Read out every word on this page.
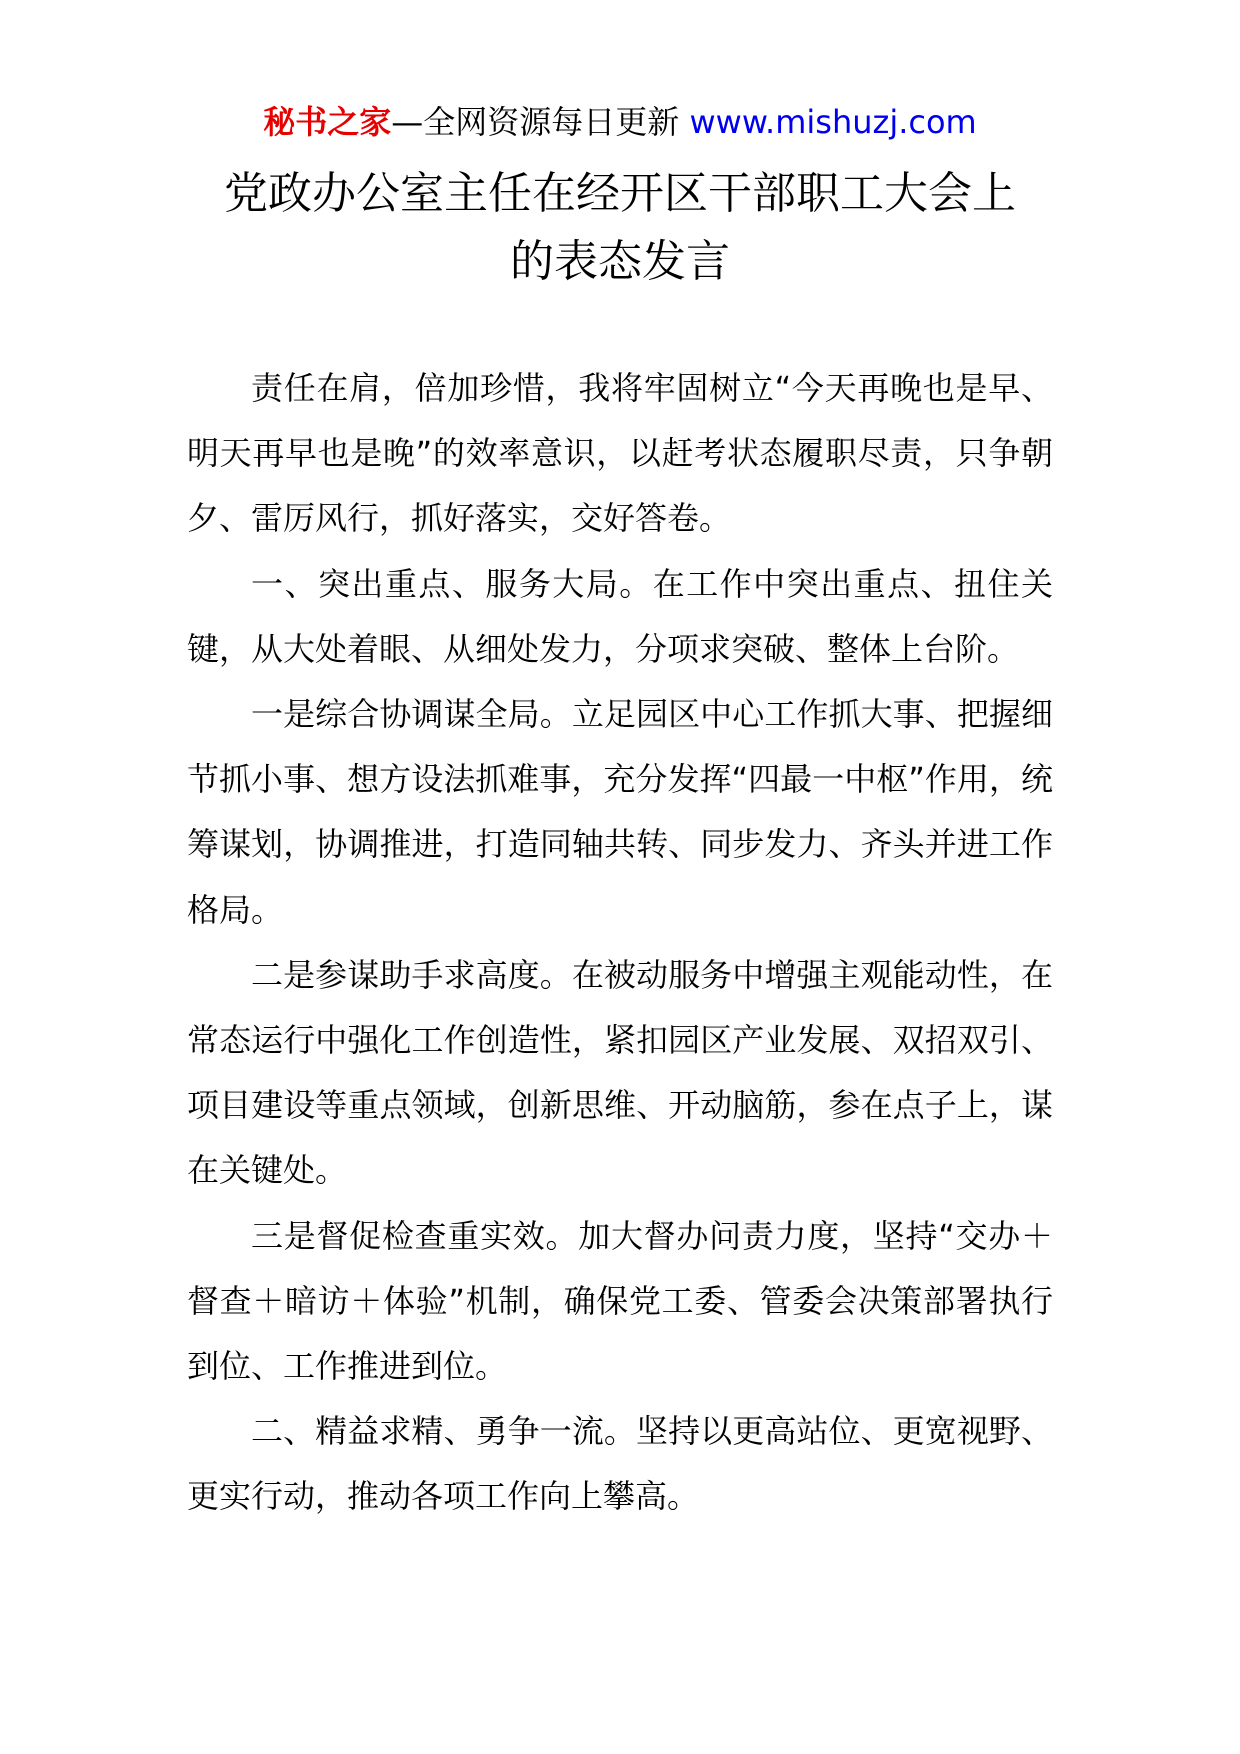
秘书之家—全网资源每日更新 www.mishuzj.com
党政办公室主任在经开区干部职工大会上
的表态发言

责任在肩，倍加珍惜，我将牢固树立“今天再晚也是早、明天再早也是晚”的效率意识，以赶考状态履职尽责，只争朝夕、雷厉风行，抓好落实，交好答卷。

一、突出重点、服务大局。在工作中突出重点、扭住关键，从大处着眼、从细处发力，分项求突破、整体上台阶。

一是综合协调谋全局。立足园区中心工作抓大事、把握细节抓小事、想方设法抓难事，充分发挥“四最一中枢”作用，统筹谋划，协调推进，打造同轴共转、同步发力、齐头并进工作格局。

二是参谋助手求高度。在被动服务中增强主观能动性，在常态运行中强化工作创造性，紧扣园区产业发展、双招双引、项目建设等重点领域，创新思维、开动脑筋，参在点子上，谋在关键处。

三是督促检查重实效。加大督办问责力度，坚持“交办＋督查＋暗访＋体验”机制，确保党工委、管委会决策部署执行到位、工作推进到位。

二、精益求精、勇争一流。坚持以更高站位、更宽视野、更实行动，推动各项工作向上攀高。
